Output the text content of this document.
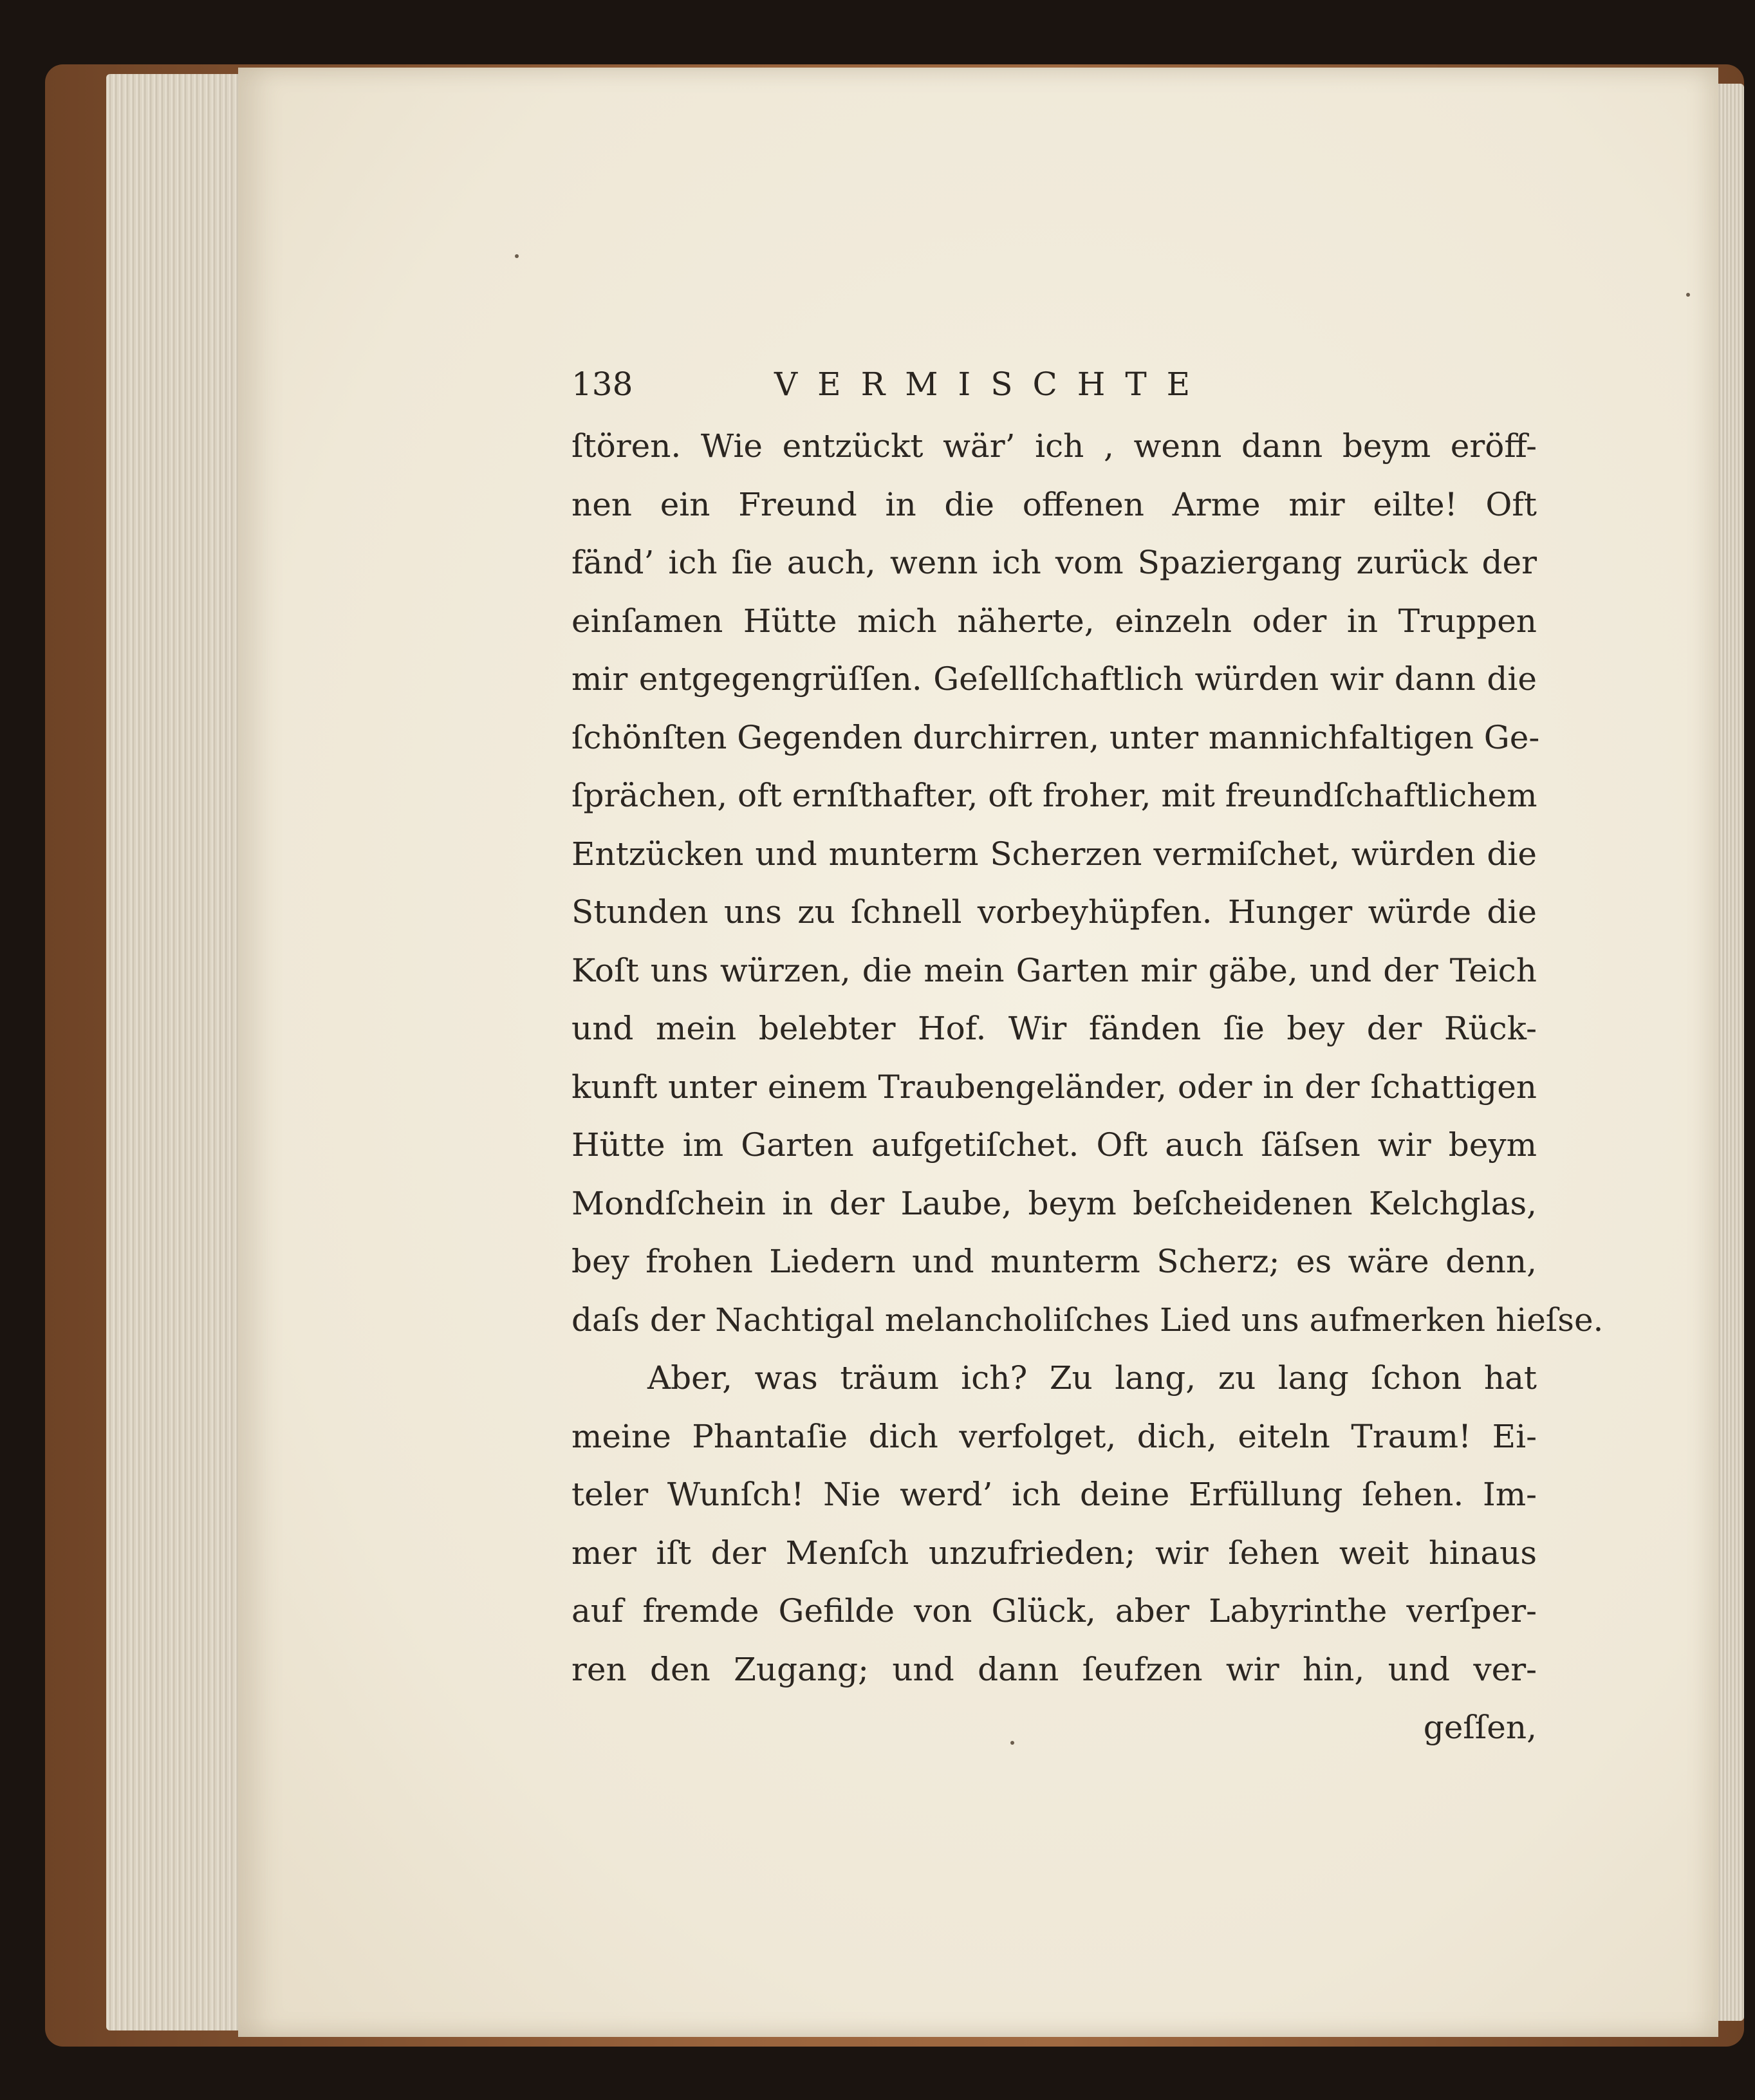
138	VERMISCHTE
ſtören. Wie entzückt wär’ ich , wenn dann beym eröff-
nen ein Freund in die offenen Arme mir eilte! Oft
fänd’ ich ſie auch, wenn ich vom Spaziergang zurück der
einſamen Hütte mich näherte, einzeln oder in Truppen
mir entgegengrüſſen. Geſellſchaftlich würden wir dann die
ſchönſten Gegenden durchirren, unter mannichfaltigen Ge-
ſprächen, oft ernſthafter, oft froher, mit freundſchaftlichem
Entzücken und munterm Scherzen vermiſchet, würden die
Stunden uns zu ſchnell vorbeyhüpfen. Hunger würde die
Koſt uns würzen, die mein Garten mir gäbe, und der Teich
und mein belebter Hof. Wir fänden ſie bey der Rück-
kunft unter einem Traubengeländer, oder in der ſchattigen
Hütte im Garten aufgetiſchet. Oft auch ſäſsen wir beym
Mondſchein in der Laube, beym beſcheidenen Kelchglas,
bey frohen Liedern und munterm Scherz; es wäre denn,
daſs der Nachtigal melancholiſches Lied uns aufmerken hieſse.
Aber, was träum ich? Zu lang, zu lang ſchon hat
meine Phantaſie dich verfolget, dich, eiteln Traum! Ei-
teler Wunſch! Nie werd’ ich deine Erfüllung ſehen. Im-
mer iſt der Menſch unzufrieden; wir ſehen weit hinaus
auf fremde Gefilde von Glück, aber Labyrinthe verſper-
ren den Zugang; und dann ſeufzen wir hin, und ver-
geſſen,
